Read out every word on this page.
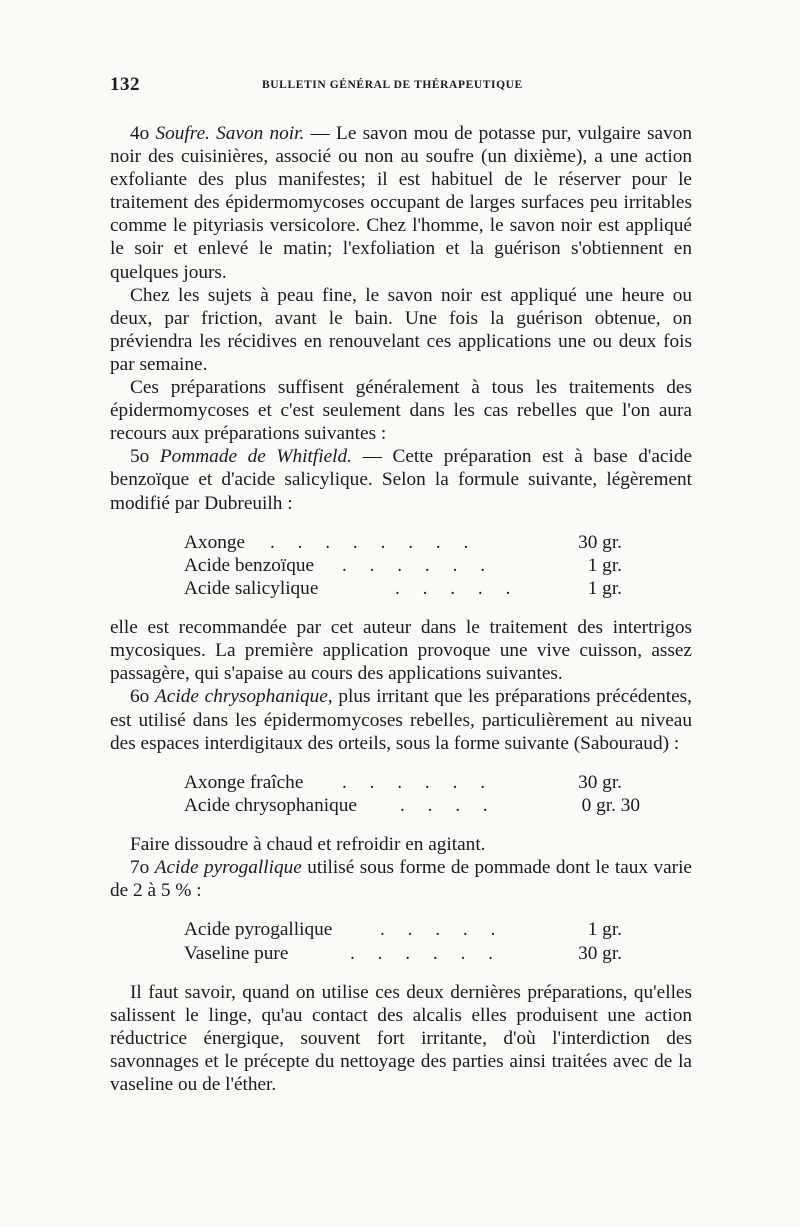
132	BULLETIN GÉNÉRAL DE THÉRAPEUTIQUE

4o Soufre. Savon noir. — Le savon mou de potasse pur, vulgaire savon noir des cuisinières, associé ou non au soufre (un dixième), a une action exfoliante des plus manifestes; il est habituel de le réserver pour le traitement des épidermomycoses occupant de larges surfaces peu irritables comme le pityriasis versicolore. Chez l'homme, le savon noir est appliqué le soir et enlevé le matin; l'exfoliation et la guérison s'obtiennent en quelques jours.

Chez les sujets à peau fine, le savon noir est appliqué une heure ou deux, par friction, avant le bain. Une fois la guérison obtenue, on préviendra les récidives en renouvelant ces applications une ou deux fois par semaine.

Ces préparations suffisent généralement à tous les traitements des épidermomycoses et c'est seulement dans les cas rebelles que l'on aura recours aux préparations suivantes :

5o Pommade de Whitfield. — Cette préparation est à base d'acide benzoïque et d'acide salicylique. Selon la formule suivante, légèrement modifié par Dubreuilh :

Axonge . . . . . . . .	30 gr.
Acide benzoïque . . . . . .	1 gr.
Acide salicylique	. . . . .	1 gr.

elle est recommandée par cet auteur dans le traitement des intertrigos mycosiques. La première application provoque une vive cuisson, assez passagère, qui s'apaise au cours des applications suivantes.

6o Acide chrysophanique, plus irritant que les préparations précédentes, est utilisé dans les épidermomycoses rebelles, particulièrement au niveau des espaces interdigitaux des orteils, sous la forme suivante (Sabouraud) :

Axonge fraîche . . . . . .	30 gr.
Acide chrysophanique . . . .	0 gr. 30

Faire dissoudre à chaud et refroidir en agitant.

7o Acide pyrogallique utilisé sous forme de pommade dont le taux varie de 2 à 5 % :

Acide pyrogallique . . . . .	1 gr.
Vaseline pure	. . . . . .	30 gr.

Il faut savoir, quand on utilise ces deux dernières préparations, qu'elles salissent le linge, qu'au contact des alcalis elles produisent une action réductrice énergique, souvent fort irritante, d'où l'interdiction des savonnages et le précepte du nettoyage des parties ainsi traitées avec de la vaseline ou de l'éther.
